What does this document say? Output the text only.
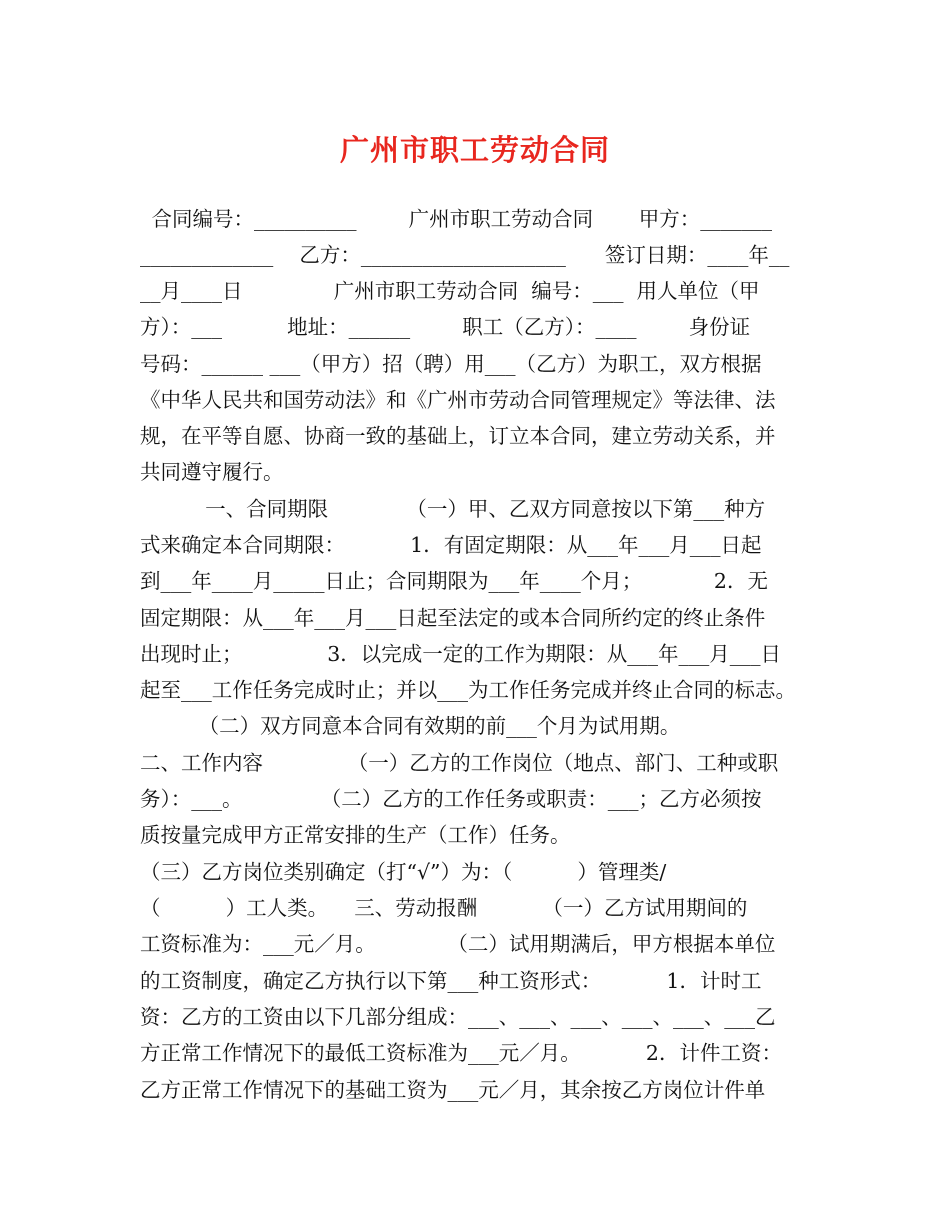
广州市职工劳动合同
合同编号：__________        广州市职工劳动合同       甲方：_______
_____________    乙方：____________________      签订日期：____年__
__月____日              广州市职工劳动合同  编号：___  用人单位（甲
方）：___          地址：______        职工（乙方）：____        身份证
号码：______ ___（甲方）招（聘）用___（乙方）为职工，双方根据
《中华人民共和国劳动法》和《广州市劳动合同管理规定》等法律、法
规，在平等自愿、协商一致的基础上，订立本合同，建立劳动关系，并
共同遵守履行。
一、合同期限            （一）甲、乙双方同意按以下第___种方
式来确定本合同期限：          1．有固定期限：从___年___月___日起
到___年____月_____日止；合同期限为___年____个月；           2．无
固定期限：从___年___月___日起至法定的或本合同所约定的终止条件
出现时止；             3．以完成一定的工作为期限：从___年___月___日
起至___工作任务完成时止；并以___为工作任务完成并终止合同的标志。
（二）双方同意本合同有效期的前___个月为试用期。
二、工作内容             （一）乙方的工作岗位（地点、部门、工种或职
务）：___。            （二）乙方的工作任务或职责：___；乙方必须按
质按量完成甲方正常安排的生产（工作）任务。
（三）乙方岗位类别确定（打“√”）为：（          ）管理类/
（          ）工人类。    三、劳动报酬          （一）乙方试用期间的
工资标准为：___元／月。           （二）试用期满后，甲方根据本单位
的工资制度，确定乙方执行以下第___种工资形式：          1．计时工
资：乙方的工资由以下几部分组成：___、___、___、___、___、___乙
方正常工作情况下的最低工资标准为___元／月。          2．计件工资：
乙方正常工作情况下的基础工资为___元／月，其余按乙方岗位计件单
